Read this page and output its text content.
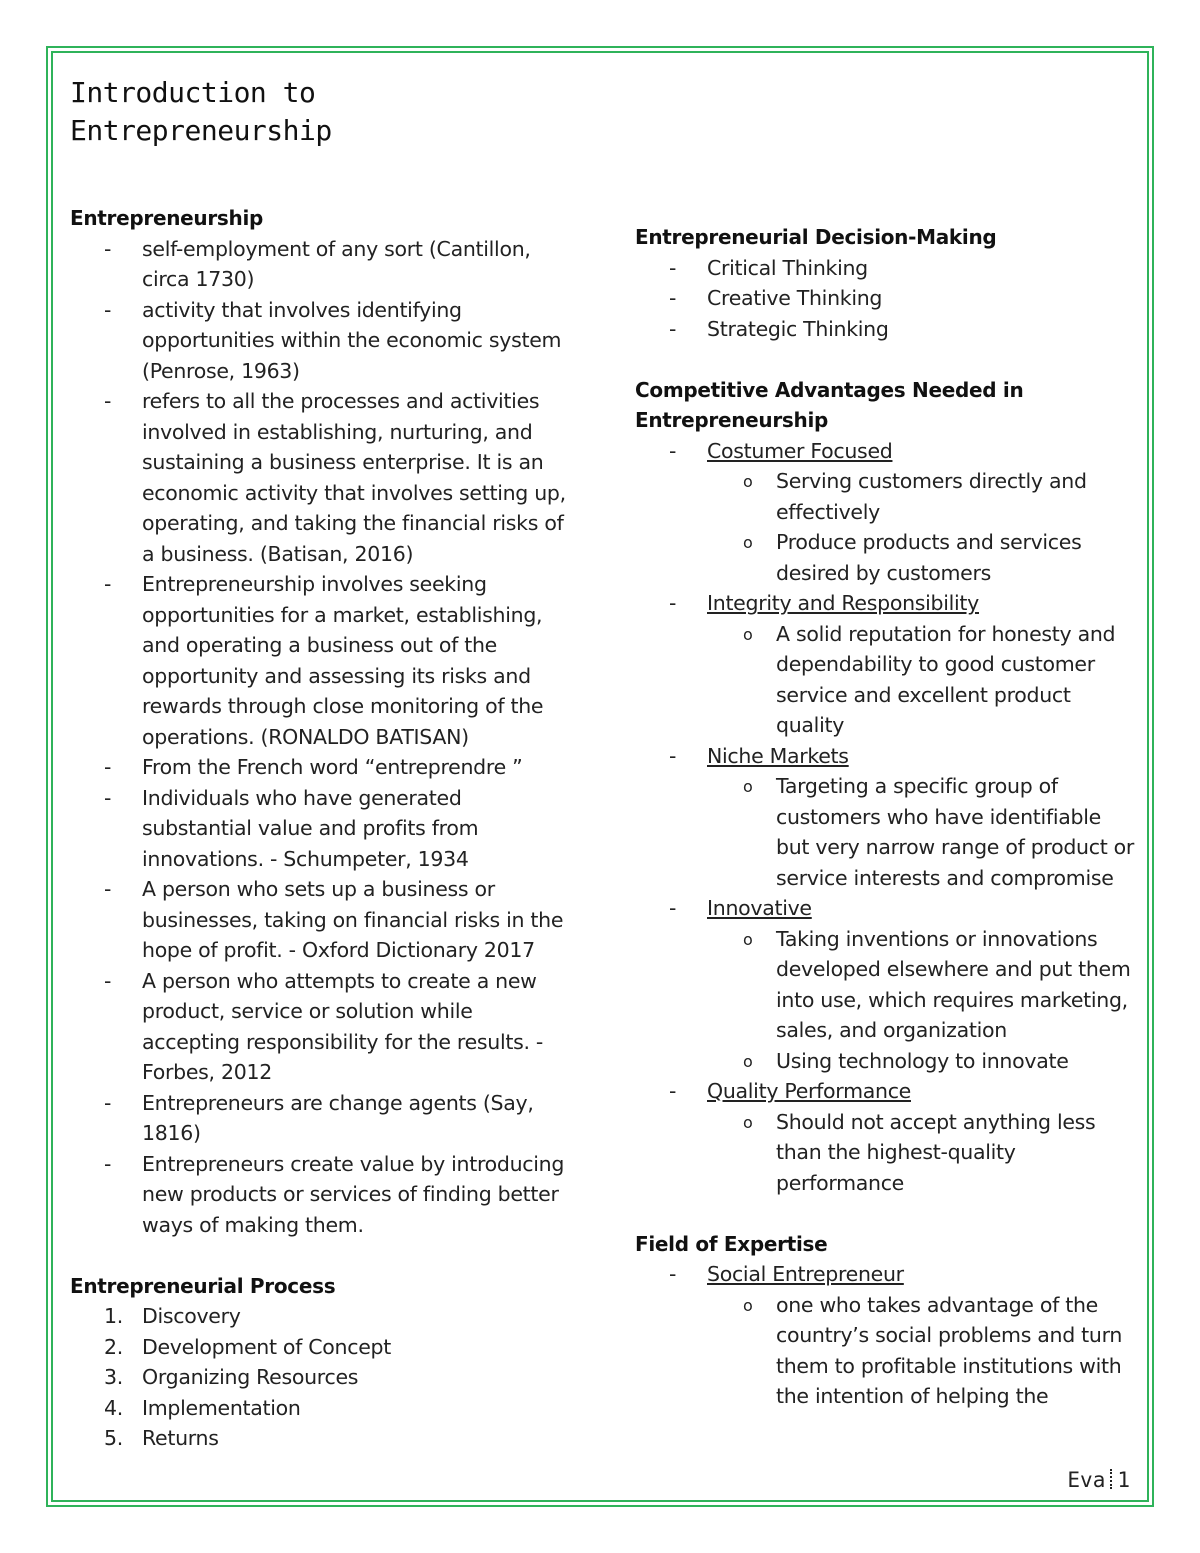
Introduction to
Entrepreneurship
Entrepreneurship
-	self-employment of any sort (Cantillon, circa 1730)
-	activity that involves identifying opportunities within the economic system (Penrose, 1963)
-	refers to all the processes and activities involved in establishing, nurturing, and sustaining a business enterprise. It is an economic activity that involves setting up, operating, and taking the financial risks of a business. (Batisan, 2016)
-	Entrepreneurship involves seeking opportunities for a market, establishing, and operating a business out of the opportunity and assessing its risks and rewards through close monitoring of the operations. (RONALDO BATISAN)
-	From the French word “entreprendre ”
-	Individuals who have generated substantial value and profits from innovations. - Schumpeter, 1934
-	A person who sets up a business or businesses, taking on financial risks in the hope of profit. - Oxford Dictionary 2017
-	A person who attempts to create a new product, service or solution while accepting responsibility for the results. - Forbes, 2012
-	Entrepreneurs are change agents (Say, 1816)
-	Entrepreneurs create value by introducing new products or services of finding better ways of making them.
Entrepreneurial Process
1. Discovery
2. Development of Concept
3. Organizing Resources
4. Implementation
5. Returns
Entrepreneurial Decision-Making
-	Critical Thinking
-	Creative Thinking
-	Strategic Thinking
Competitive Advantages Needed in
Entrepreneurship
-	Costumer Focused
o Serving customers directly and effectively
o Produce products and services desired by customers
-	Integrity and Responsibility
o A solid reputation for honesty and dependability to good customer service and excellent product quality
-	Niche Markets
o Targeting a specific group of customers who have identifiable but very narrow range of product or service interests and compromise
-	Innovative
o Taking inventions or innovations developed elsewhere and put them into use, which requires marketing, sales, and organization
o Using technology to innovate
-	Quality Performance
o Should not accept anything less than the highest-quality performance
Field of Expertise
-	Social Entrepreneur
o one who takes advantage of the country’s social problems and turn them to profitable institutions with the intention of helping the
Eva 1
